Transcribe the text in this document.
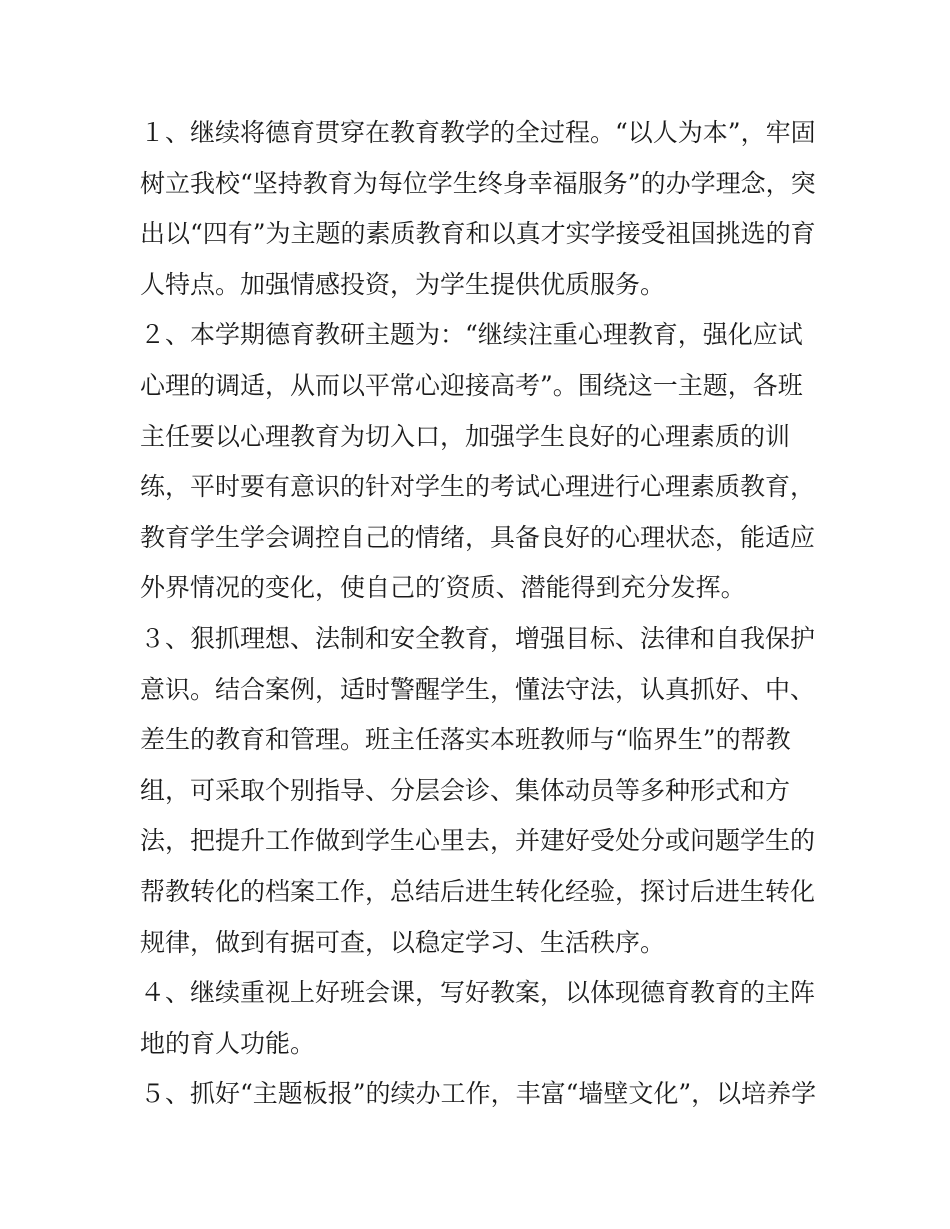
１、继续将德育贯穿在教育教学的全过程。“以人为本”，牢固
树立我校“坚持教育为每位学生终身幸福服务”的办学理念，突
出以“四有”为主题的素质教育和以真才实学接受祖国挑选的育
人特点。加强情感投资，为学生提供优质服务。
２、本学期德育教研主题为：“继续注重心理教育，强化应试
心理的调适，从而以平常心迎接高考”。围绕这一主题，各班
主任要以心理教育为切入口，加强学生良好的心理素质的训
练，平时要有意识的针对学生的考试心理进行心理素质教育，
教育学生学会调控自己的情绪，具备良好的心理状态，能适应
外界情况的变化，使自己的′资质、潜能得到充分发挥。
３、狠抓理想、法制和安全教育，增强目标、法律和自我保护
意识。结合案例，适时警醒学生，懂法守法，认真抓好、中、
差生的教育和管理。班主任落实本班教师与“临界生”的帮教
组，可采取个别指导、分层会诊、集体动员等多种形式和方
法，把提升工作做到学生心里去，并建好受处分或问题学生的
帮教转化的档案工作，总结后进生转化经验，探讨后进生转化
规律，做到有据可查，以稳定学习、生活秩序。
４、继续重视上好班会课，写好教案，以体现德育教育的主阵
地的育人功能。
５、抓好“主题板报”的续办工作，丰富“墙壁文化”，以培养学
